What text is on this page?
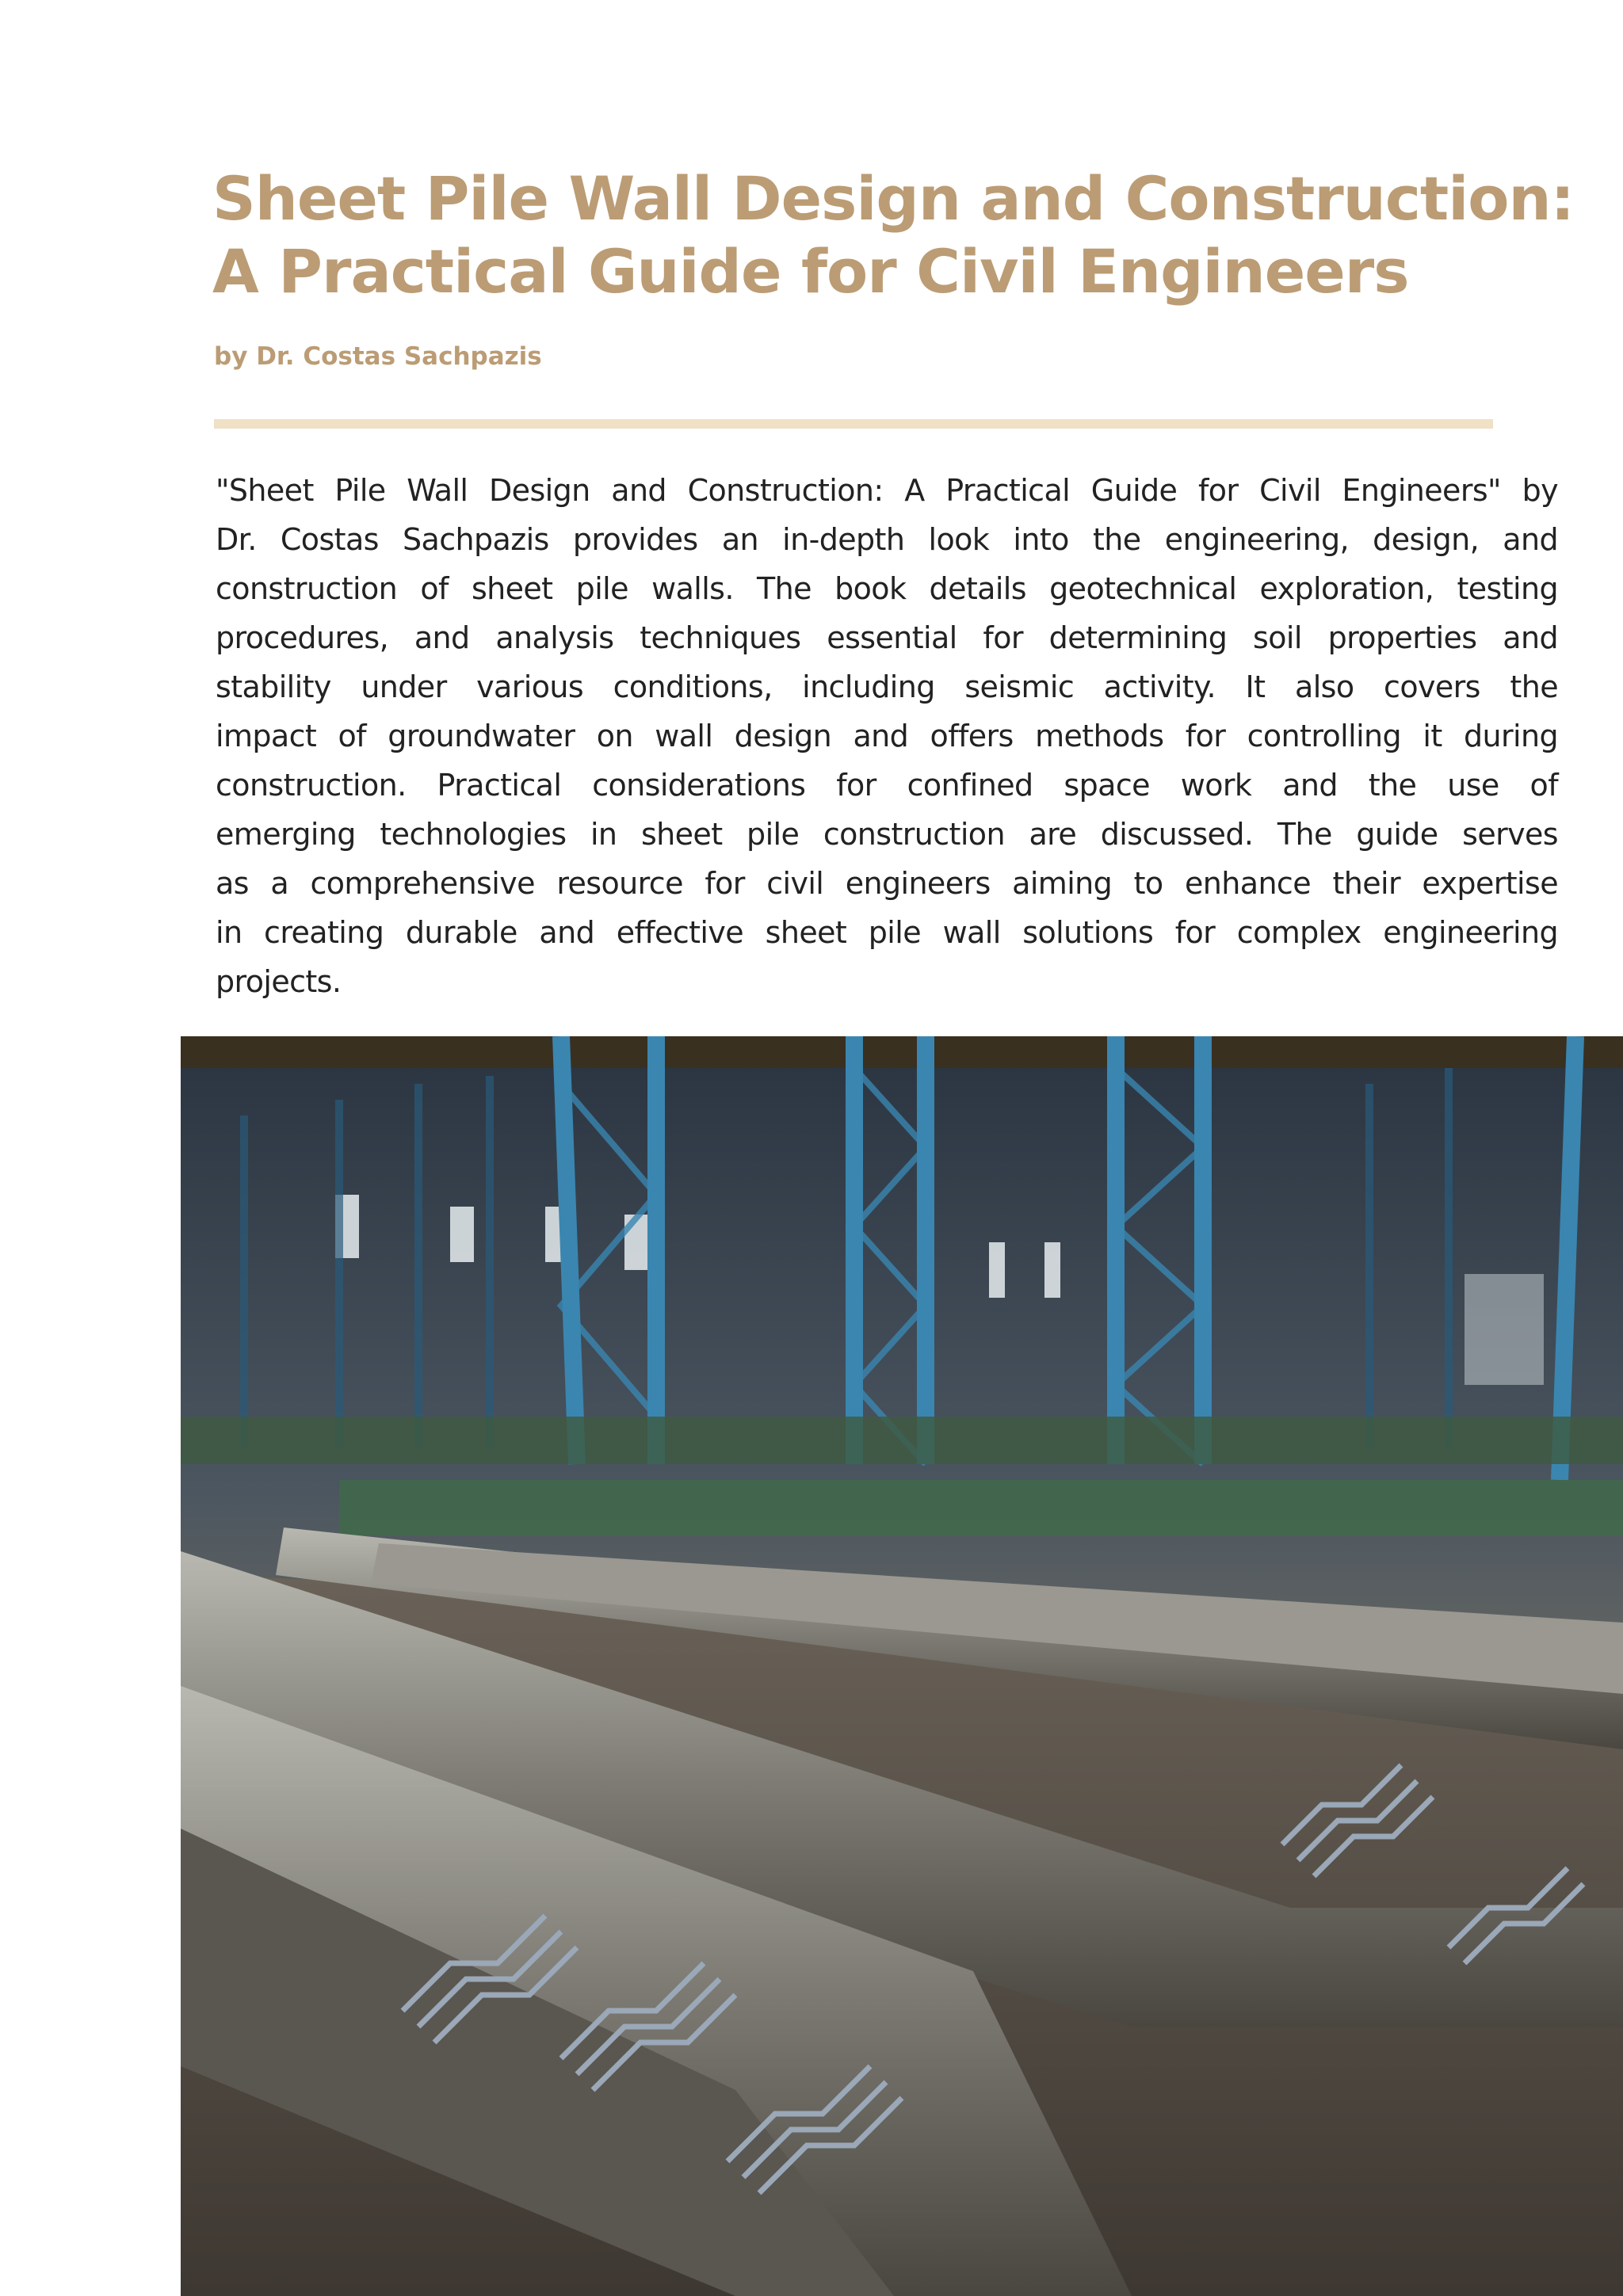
Sheet Pile Wall Design and Construction:
A Practical Guide for Civil Engineers
by Dr. Costas Sachpazis
"Sheet Pile Wall Design and Construction: A Practical Guide for Civil Engineers" by
Dr. Costas Sachpazis provides an in-depth look into the engineering, design, and
construction of sheet pile walls. The book details geotechnical exploration, testing
procedures, and analysis techniques essential for determining soil properties and
stability under various conditions, including seismic activity. It also covers the
impact of groundwater on wall design and offers methods for controlling it during
construction. Practical considerations for confined space work and the use of
emerging technologies in sheet pile construction are discussed. The guide serves
as a comprehensive resource for civil engineers aiming to enhance their expertise
in creating durable and effective sheet pile wall solutions for complex engineering
projects.
